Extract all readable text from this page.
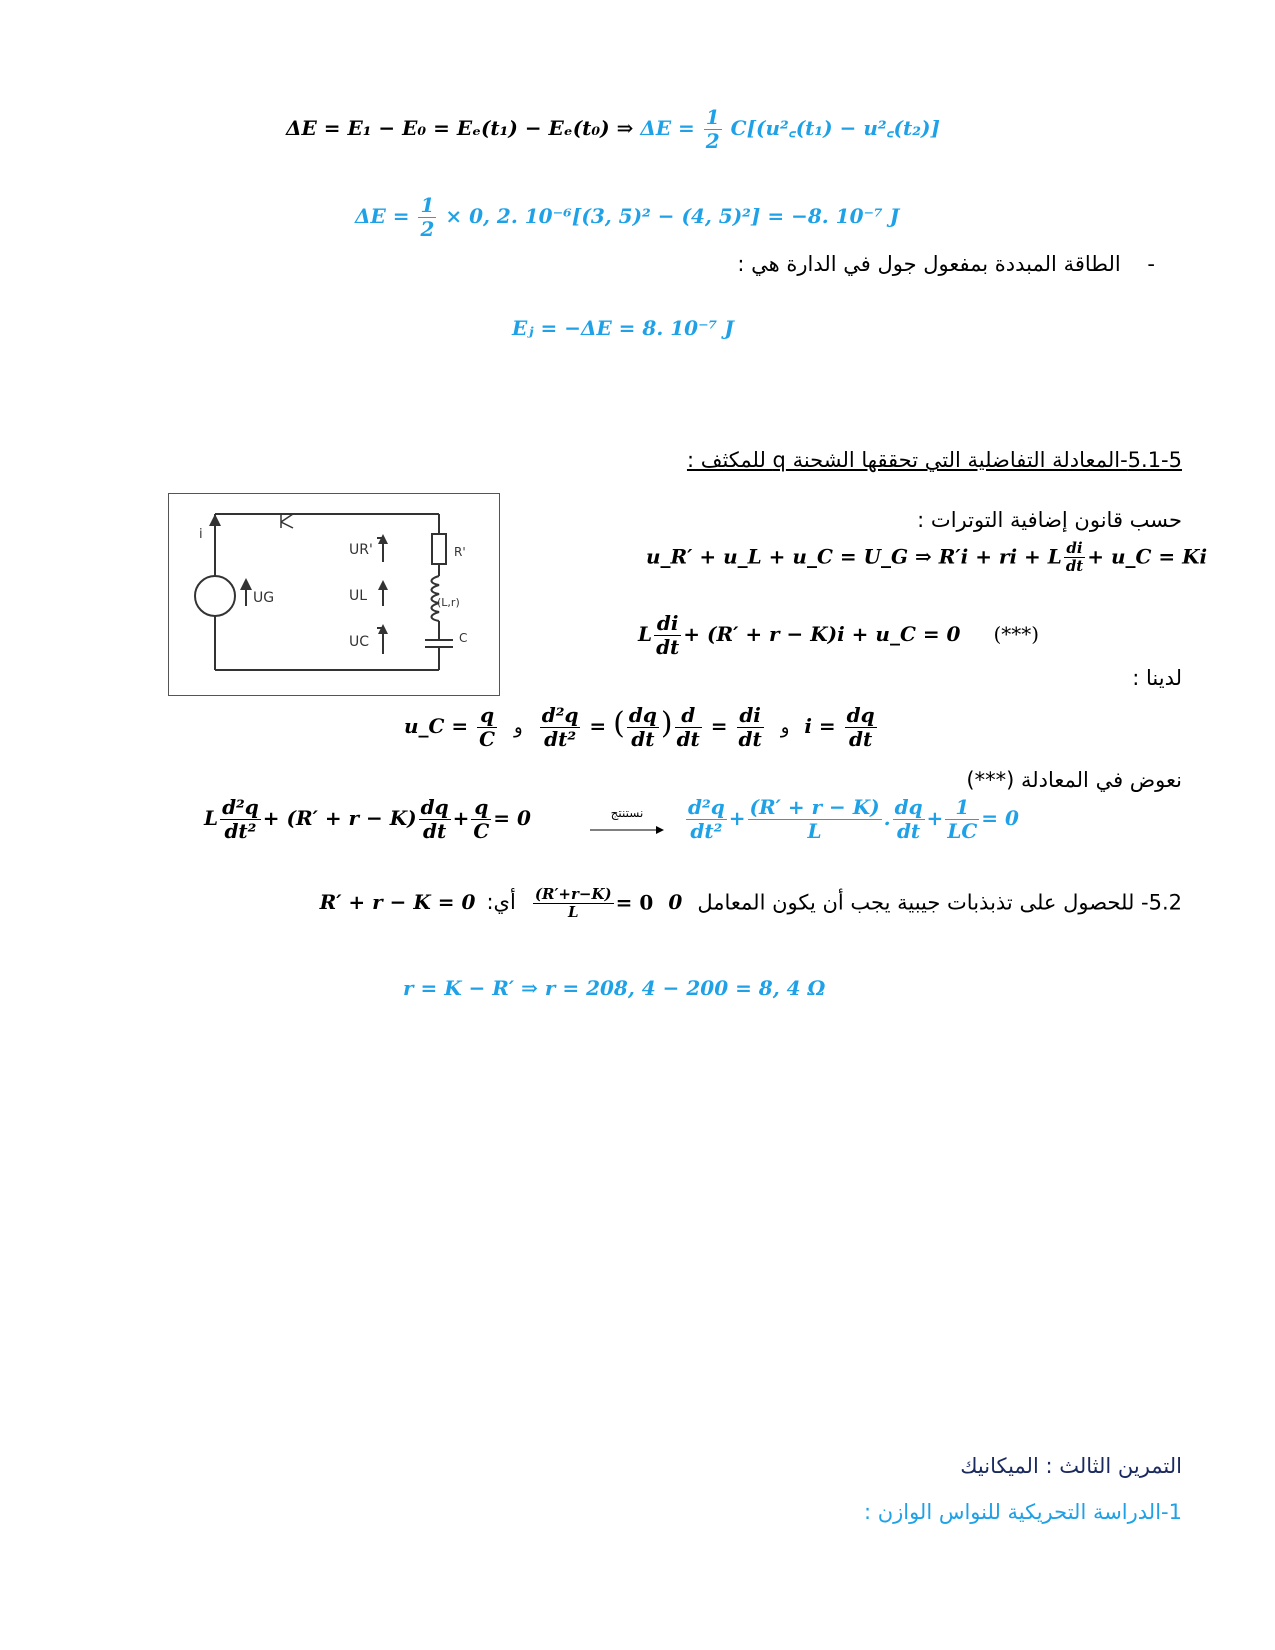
ΔE = E₁ − E₀ = Eₑ(t₁) − Eₑ(t₀) ⇒ $\Delta E = \frac{1}{2}$ C[(u²꜀(t₁) − u²꜀(t₂)]
$\Delta E = \frac{1}{2} \times 0$, 2. 10⁻⁶[(3, 5)² − (4, 5)²] = −8. 10⁻⁷ J
- الطاقة المبددة بمفعول جول في الدارة هي :
Eⱼ = −ΔE = 8. 10⁻⁷ J
5.1-5-المعادلة التفاضلية التي تحققها الشحنة q للمكثف :
i
UG
UR'
UL
UC
R'
(L,r)
C
حسب قانون إضافية التوترات :
u_R′ + u_L + u_C = U_G ⇒ R′i + ri + L $\frac{di}{dt}$ + u_C = Ki
L $\frac{di}{dt} + (R' + r - K)i$ + u_C = 0 (***)
لدينا :
u_C = $\frac{q}{C}$	و
$\frac{di}{dt}$
=
$\frac{d}{dt}$
(
$\frac{dq}{dt}$
) =
$\frac{\text{d²q}}{\text{dt²}}$
و	$i = \frac{dq}{dt}$
نعوض في المعادلة (***)
L $\frac{\text{d²q}}{\text{dt²}} + (R' + r - K) \frac{dq}{dt} + \frac{q}{C} = 0$	نستنتج	$\frac{\text{d²q}}{\text{dt²}} + \frac{(R' + r - K)}{L}$ . $\frac{dq}{dt} + \frac{1}{LC} = 0$
5.2- للحصول على تذبذبات جيبية يجب أن يكون المعامل 0
$\frac{(R'+r-K)}{L} = 0$ أي: R′ + r − K = 0
r = K − R′ ⇒ r = 208, 4 − 200 = 8, 4 Ω
التمرين الثالث : الميكانيك
1-الدراسة التحريكية للنواس الوازن :
